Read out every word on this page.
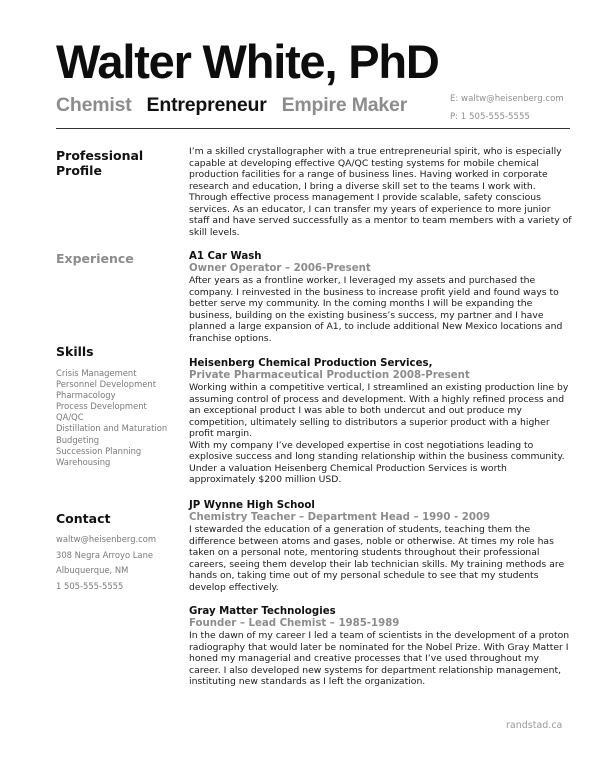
Walter White, PhD
Chemist Entrepreneur Empire Maker	E: waltw@heisenberg.com
P: 1 505-555-5555
Professional Profile
Experience
Skills
Crisis Management
Personnel Development
Pharmacology
Process Development
QA/QC
Distillation and Maturation
Budgeting
Succession Planning
Warehousing
Contact
waltw@heisenberg.com
308 Negra Arroyo Lane
Albuquerque, NM
1 505-555-5555

I’m a skilled crystallographer with a true entrepreneurial spirit, who is especially capable at developing effective QA/QC testing systems for mobile chemical production facilities for a range of business lines. Having worked in corporate research and education, I bring a diverse skill set to the teams I work with. Through effective process management I provide scalable, safety conscious services. As an educator, I can transfer my years of experience to more junior staff and have served successfully as a mentor to team members with a variety of skill levels.

A1 Car Wash
Owner Operator – 2006-Present

After years as a frontline worker, I leveraged my assets and purchased the company. I reinvested in the business to increase profit yield and found ways to better serve my community. In the coming months I will be expanding the business, building on the existing business’s success, my partner and I have planned a large expansion of A1, to include additional New Mexico locations and franchise options.

Heisenberg Chemical Production Services,
Private Pharmaceutical Production 2008-Present

Working within a competitive vertical, I streamlined an existing production line by assuming control of process and development. With a highly refined process and an exceptional product I was able to both undercut and out produce my competition, ultimately selling to distributors a superior product with a higher profit margin.

With my company I’ve developed expertise in cost negotiations leading to explosive success and long standing relationship within the business community. Under a valuation Heisenberg Chemical Production Services is worth approximately $200 million USD.

JP Wynne High School
Chemistry Teacher – Department Head – 1990 - 2009

I stewarded the education of a generation of students, teaching them the difference between atoms and gases, noble or otherwise. At times my role has taken on a personal note, mentoring students throughout their professional careers, seeing them develop their lab technician skills. My training methods are hands on, taking time out of my personal schedule to see that my students develop effectively.

Gray Matter Technologies
Founder – Lead Chemist – 1985-1989

In the dawn of my career I led a team of scientists in the development of a proton radiography that would later be nominated for the Nobel Prize. With Gray Matter I honed my managerial and creative processes that I’ve used throughout my career. I also developed new systems for department relationship management, instituting new standards as I left the organization.

randstad.ca
